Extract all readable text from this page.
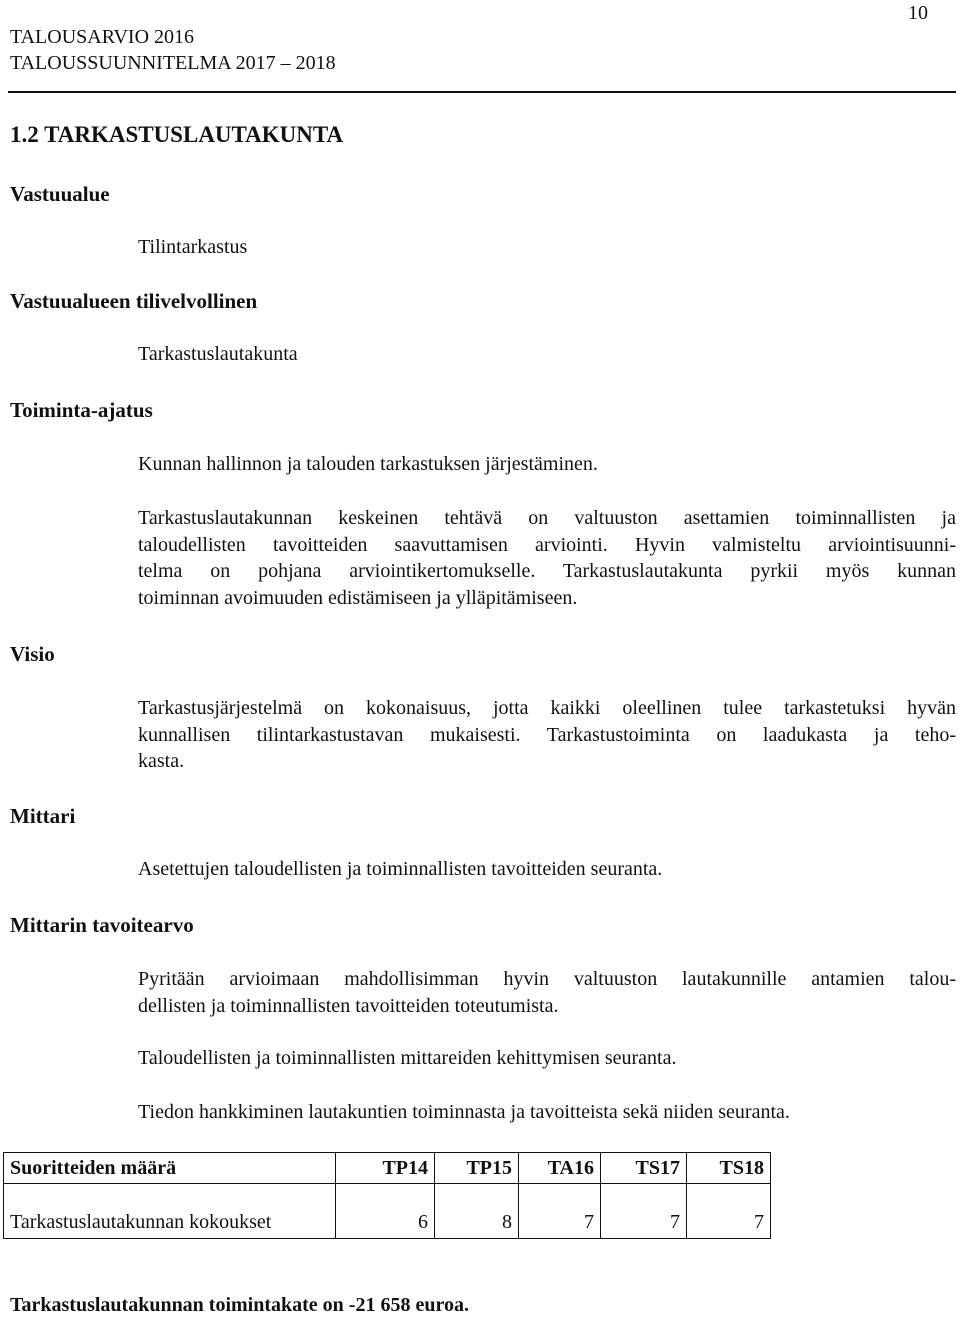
10
TALOUSARVIO 2016
TALOUSSUUNNITELMA 2017 – 2018
1.2 TARKASTUSLAUTAKUNTA
Vastuualue
Tilintarkastus
Vastuualueen tilivelvollinen
Tarkastuslautakunta
Toiminta-ajatus
Kunnan hallinnon ja talouden tarkastuksen järjestäminen.
Tarkastuslautakunnan keskeinen tehtävä on valtuuston asettamien toiminnallisten ja
taloudellisten tavoitteiden saavuttamisen arviointi. Hyvin valmisteltu arviointisuunni-
telma on pohjana arviointikertomukselle. Tarkastuslautakunta pyrkii myös kunnan
toiminnan avoimuuden edistämiseen ja ylläpitämiseen.
Visio
Tarkastusjärjestelmä on kokonaisuus, jotta kaikki oleellinen tulee tarkastetuksi hyvän
kunnallisen tilintarkastustavan mukaisesti. Tarkastustoiminta on laadukasta ja teho-
kasta.
Mittari
Asetettujen taloudellisten ja toiminnallisten tavoitteiden seuranta.
Mittarin tavoitearvo
Pyritään arvioimaan mahdollisimman hyvin valtuuston lautakunnille antamien talou-
dellisten ja toiminnallisten tavoitteiden toteutumista.
Taloudellisten ja toiminnallisten mittareiden kehittymisen seuranta.
Tiedon hankkiminen lautakuntien toiminnasta ja tavoitteista sekä niiden seuranta.
Suoritteiden määrä	TP14	TP15	TA16	TS17	TS18

Tarkastuslautakunnan kokoukset	6	8	7	7	7
Tarkastuslautakunnan toimintakate on -21 658 euroa.
